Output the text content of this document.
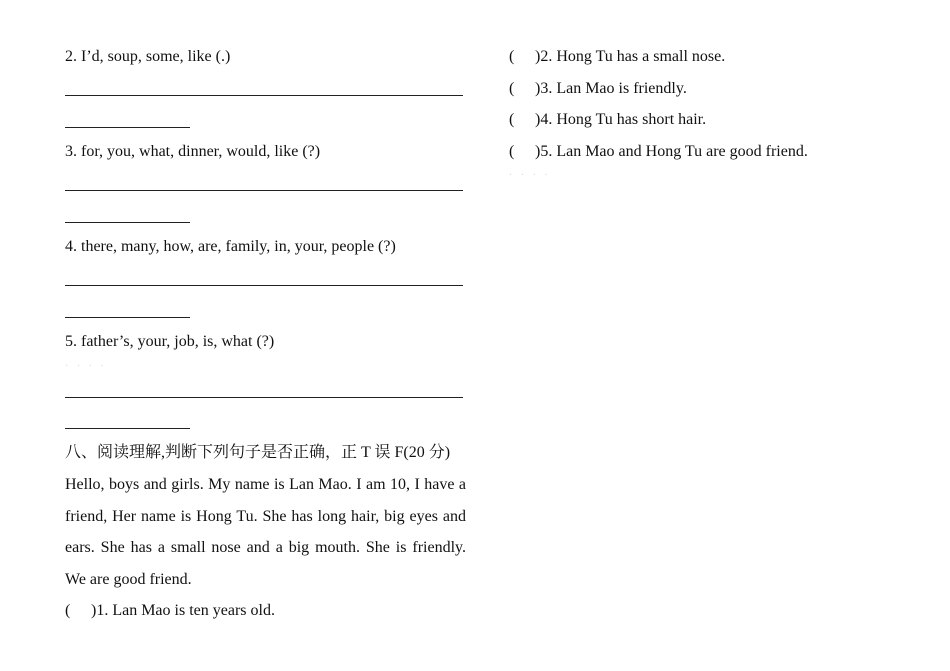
2. I’d, soup, some, like (.)
3. for, you, what, dinner, would, like (?)
4. there, many, how, are, family, in, your, people (?)
5. father’s, your, job, is, what (?)
· · · ·
八、阅读理解,判断下列句子是否正确，正 T 误 F(20 分)
Hello, boys and girls. My name is Lan Mao. I am 10, I have a friend, Her name is Hong Tu. She has long hair, big eyes and ears. She has a small nose and a big mouth. She is friendly. We are good friend.
( )1. Lan Mao is ten years old.
( )2. Hong Tu has a small nose.
( )3. Lan Mao is friendly.
( )4. Hong Tu has short hair.
( )5. Lan Mao and Hong Tu are good friend.
· · · ·
